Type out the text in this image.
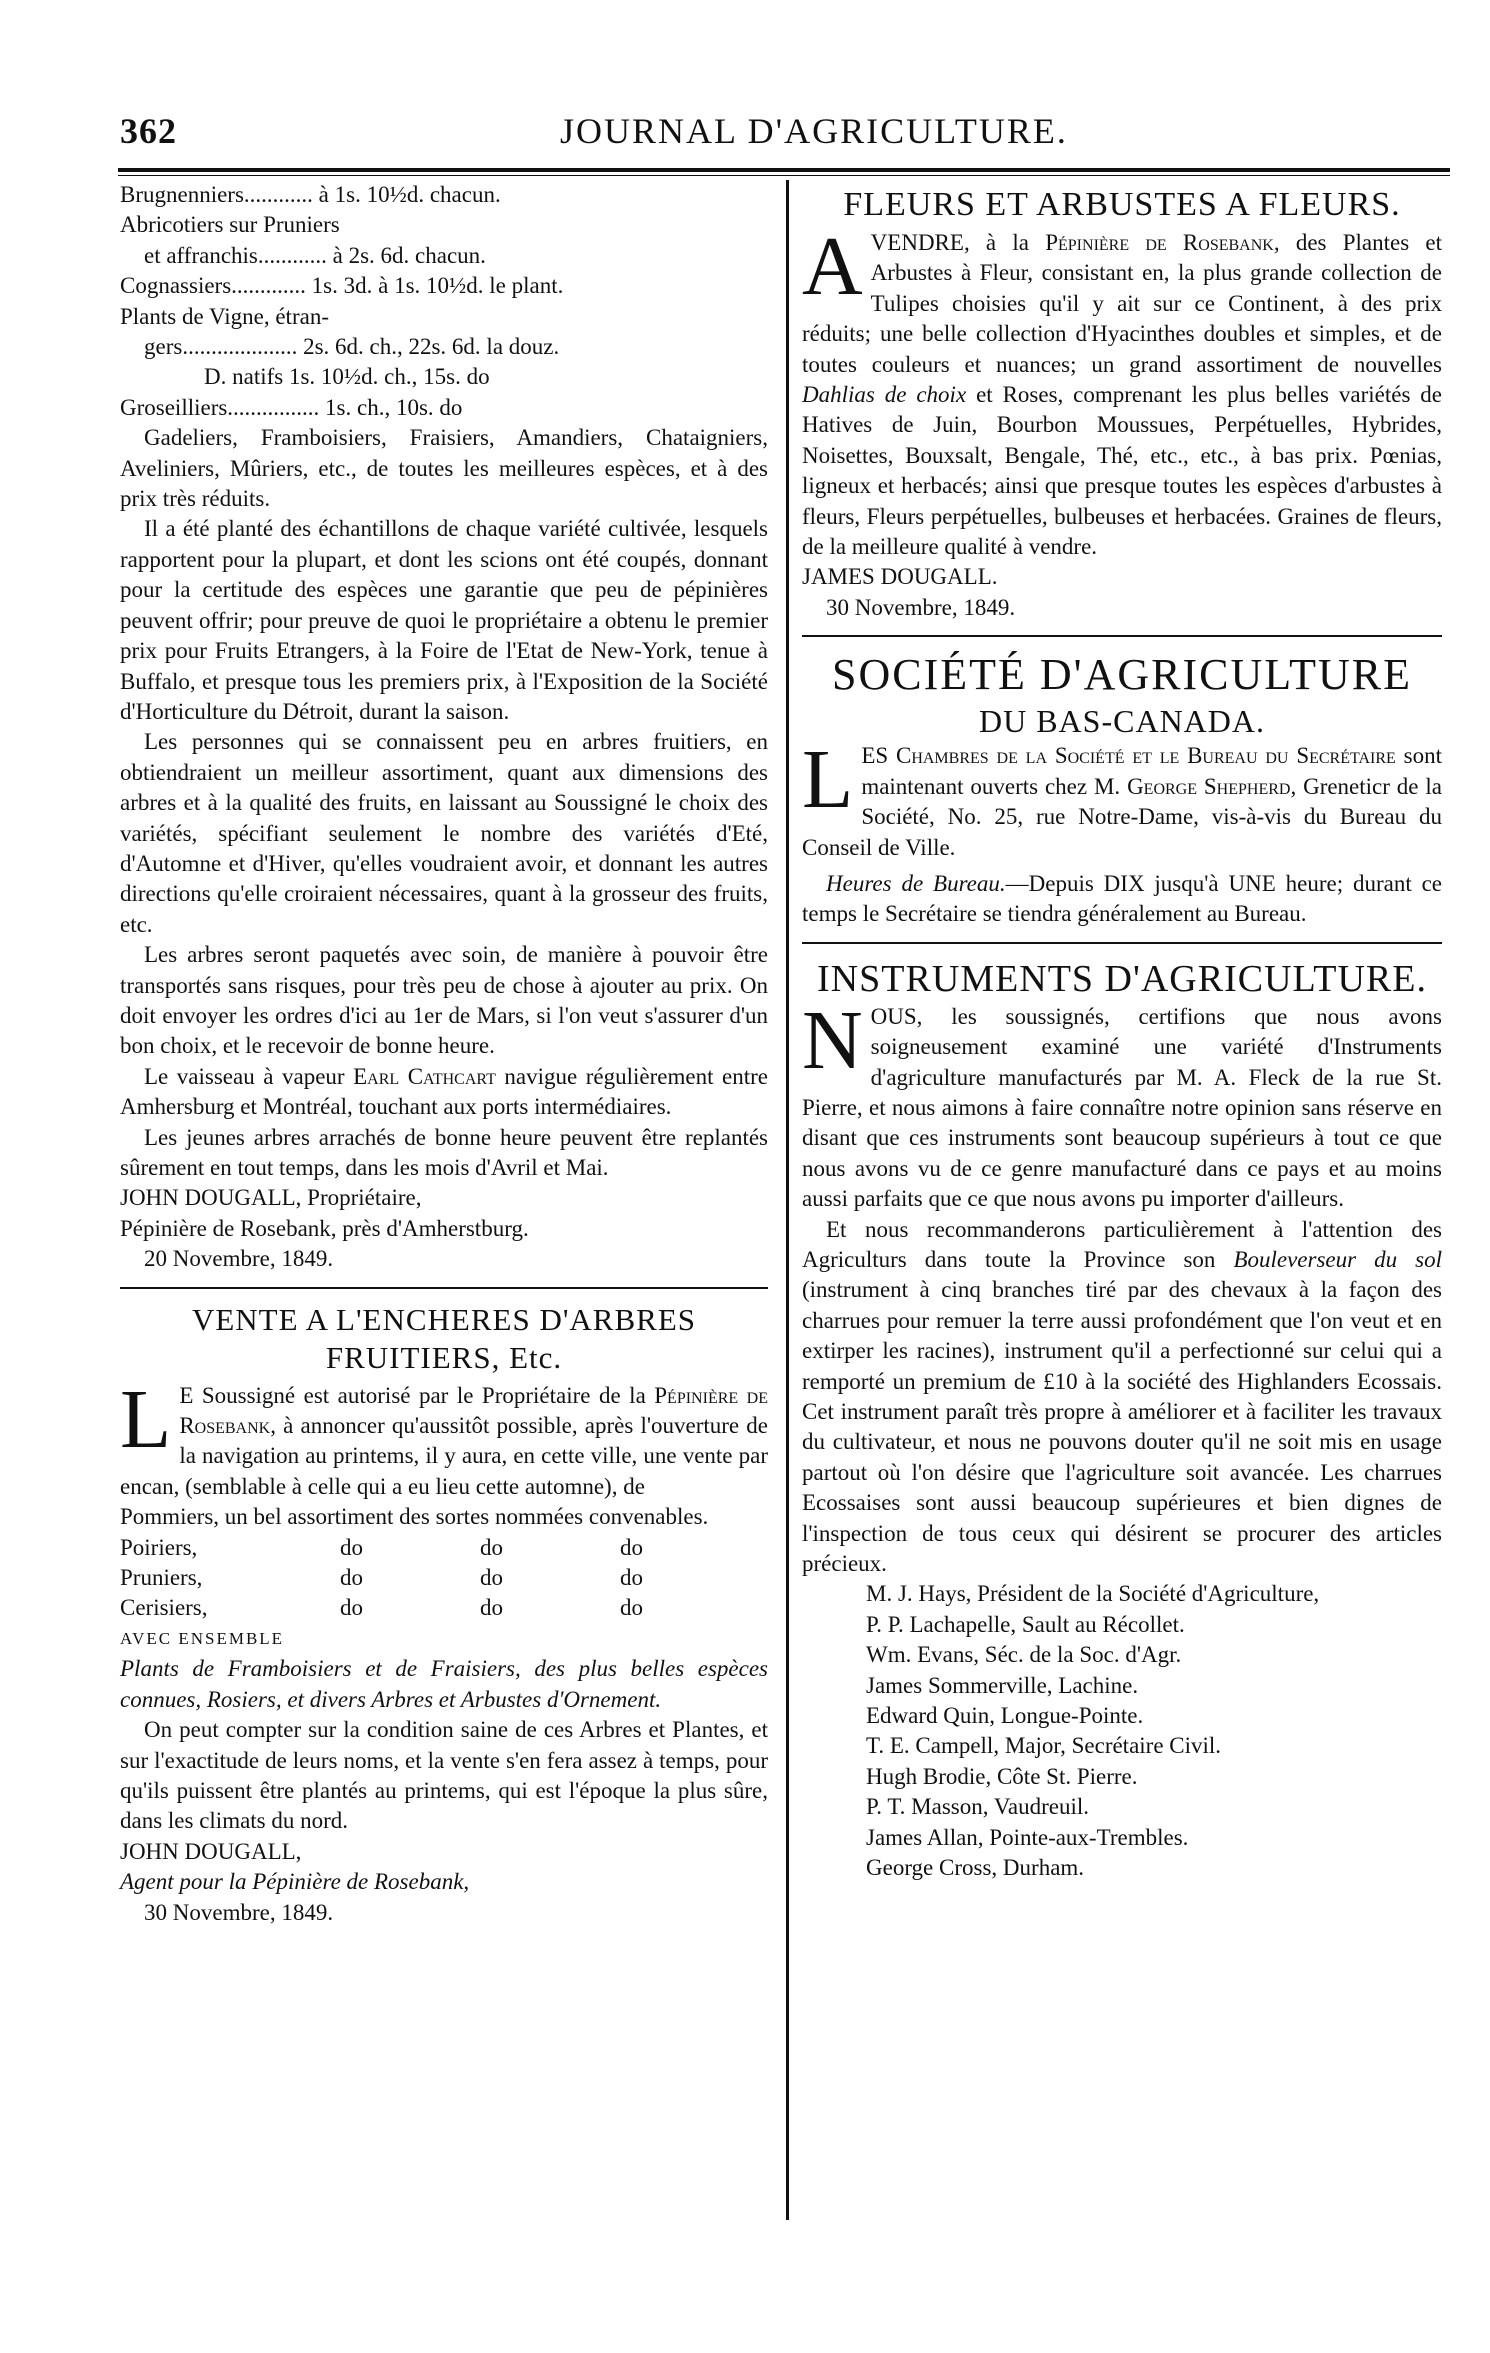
362	JOURNAL D'AGRICULTURE.

Brugnenniers............ à 1s. 10½d. chacun.

Abricotiers sur Pruniers

et affranchis............ à 2s. 6d. chacun.

Cognassiers............. 1s. 3d. à 1s. 10½d. le plant.

Plants de Vigne, étran-

gers.................... 2s. 6d. ch., 22s. 6d. la douz.

D. natifs 1s. 10½d. ch., 15s. do

Groseilliers................ 1s. ch., 10s. do

Gadeliers, Framboisiers, Fraisiers, Amandiers, Chataigniers, Aveliniers, Mûriers, etc., de toutes les meilleures espèces, et à des prix très réduits.

Il a été planté des échantillons de chaque variété cultivée, lesquels rapportent pour la plupart, et dont les scions ont été coupés, donnant pour la certitude des espèces une garantie que peu de pépinières peuvent offrir; pour preuve de quoi le propriétaire a obtenu le premier prix pour Fruits Etrangers, à la Foire de l'Etat de New-York, tenue à Buffalo, et presque tous les premiers prix, à l'Exposition de la Société d'Horticulture du Détroit, durant la saison.

Les personnes qui se connaissent peu en arbres fruitiers, en obtiendraient un meilleur assortiment, quant aux dimensions des arbres et à la qualité des fruits, en laissant au Soussigné le choix des variétés, spécifiant seulement le nombre des variétés d'Eté, d'Automne et d'Hiver, qu'elles voudraient avoir, et donnant les autres directions qu'elle croiraient nécessaires, quant à la grosseur des fruits, etc.

Les arbres seront paquetés avec soin, de manière à pouvoir être transportés sans risques, pour très peu de chose à ajouter au prix. On doit envoyer les ordres d'ici au 1er de Mars, si l'on veut s'assurer d'un bon choix, et le recevoir de bonne heure.

Le vaisseau à vapeur Earl Cathcart navigue régulièrement entre Amhersburg et Montréal, touchant aux ports intermédiaires.

Les jeunes arbres arrachés de bonne heure peuvent être replantés sûrement en tout temps, dans les mois d'Avril et Mai.

JOHN DOUGALL, Propriétaire,

Pépinière de Rosebank, près d'Amherstburg.

20 Novembre, 1849.

VENTE A L'ENCHERES D'ARBRES FRUITIERS, Etc.

L E Soussigné est autorisé par le Propriétaire de la Pépinière de Rosebank, à annoncer qu'aussitôt possible, après l'ouverture de la navigation au printems, il y aura, en cette ville, une vente par encan, (semblable à celle qui a eu lieu cette automne), de

Pommiers, un bel assortiment des sortes nommées convenables.

Poiriers,	do	do	do
Pruniers,	do	do	do
Cerisiers,	do	do	do

AVEC ENSEMBLE

Plants de Framboisiers et de Fraisiers, des plus belles espèces connues, Rosiers, et divers Arbres et Arbustes d'Ornement.

On peut compter sur la condition saine de ces Arbres et Plantes, et sur l'exactitude de leurs noms, et la vente s'en fera assez à temps, pour qu'ils puissent être plantés au printems, qui est l'époque la plus sûre, dans les climats du nord.

JOHN DOUGALL,

Agent pour la Pépinière de Rosebank,

30 Novembre, 1849.

FLEURS ET ARBUSTES A FLEURS.

A VENDRE, à la Pépinière de Rosebank, des Plantes et Arbustes à Fleur, consistant en, la plus grande collection de Tulipes choisies qu'il y ait sur ce Continent, à des prix réduits; une belle collection d'Hyacinthes doubles et simples, et de toutes couleurs et nuances; un grand assortiment de nouvelles Dahlias de choix et Roses, comprenant les plus belles variétés de Hatives de Juin, Bourbon Moussues, Perpétuelles, Hybrides, Noisettes, Bouxsalt, Bengale, Thé, etc., etc., à bas prix. Pœnias, ligneux et herbacés; ainsi que presque toutes les espèces d'arbustes à fleurs, Fleurs perpétuelles, bulbeuses et herbacées. Graines de fleurs, de la meilleure qualité à vendre.

JAMES DOUGALL.

30 Novembre, 1849.

SOCIÉTÉ D'AGRICULTURE
DU BAS-CANADA.

LES Chambres de la Société et le Bureau du Secrétaire sont maintenant ouverts chez M. George Shepherd, Greneticr de la Société, No. 25, rue Notre-Dame, vis-à-vis du Bureau du Conseil de Ville.

Heures de Bureau.—Depuis DIX jusqu'à UNE heure; durant ce temps le Secrétaire se tiendra généralement au Bureau.

INSTRUMENTS D'AGRICULTURE.

NOUS, les soussignés, certifions que nous avons soigneusement examiné une variété d'Instruments d'agriculture manufacturés par M. A. Fleck de la rue St. Pierre, et nous aimons à faire connaître notre opinion sans réserve en disant que ces instruments sont beaucoup supérieurs à tout ce que nous avons vu de ce genre manufacturé dans ce pays et au moins aussi parfaits que ce que nous avons pu importer d'ailleurs.

Et nous recommanderons particulièrement à l'attention des Agriculturs dans toute la Province son Bouleverseur du sol (instrument à cinq branches tiré par des chevaux à la façon des charrues pour remuer la terre aussi profondément que l'on veut et en extirper les racines), instrument qu'il a perfectionné sur celui qui a remporté un premium de £10 à la société des Highlanders Ecossais. Cet instrument paraît très propre à améliorer et à faciliter les travaux du cultivateur, et nous ne pouvons douter qu'il ne soit mis en usage partout où l'on désire que l'agriculture soit avancée. Les charrues Ecossaises sont aussi beaucoup supérieures et bien dignes de l'inspection de tous ceux qui désirent se procurer des articles précieux.

M. J. Hays, Président de la Société d'Agriculture,

P. P. Lachapelle, Sault au Récollet.

Wm. Evans, Séc. de la Soc. d'Agr.

James Sommerville, Lachine.

Edward Quin, Longue-Pointe.

T. E. Campell, Major, Secrétaire Civil.

Hugh Brodie, Côte St. Pierre.

P. T. Masson, Vaudreuil.

James Allan, Pointe-aux-Trembles.

George Cross, Durham.
